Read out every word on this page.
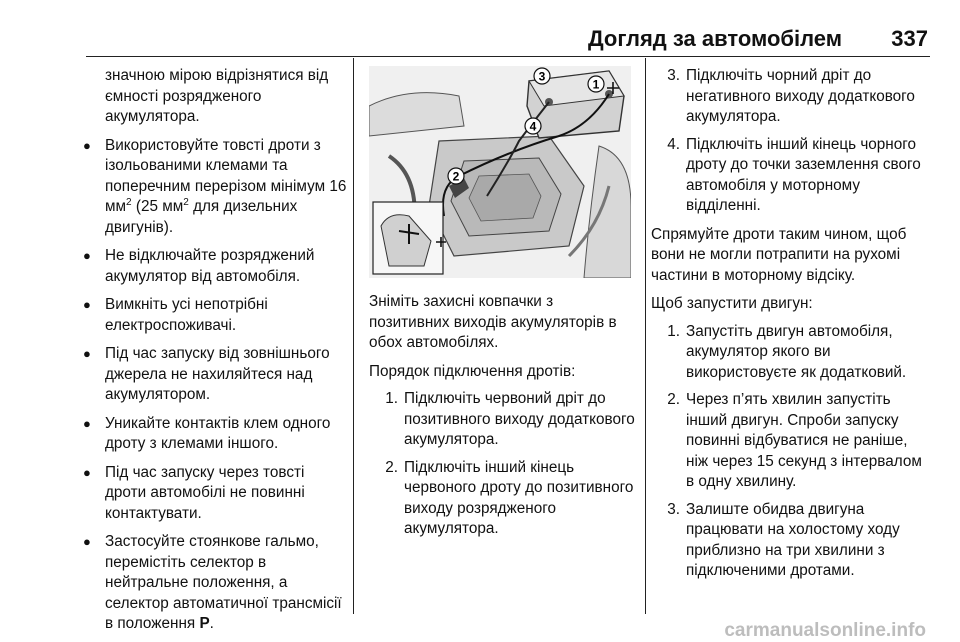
Догляд за автомобілем 337
значною мірою відрізнятися від ємності розрядженого акумулятора.
● Використовуйте товсті дроти з ізольованими клемами та поперечним перерізом мінімум 16 $мм^2$ (25 $мм^2$ для дизельних двигунів).
● Не відключайте розряджений акумулятор від автомобіля.
● Вимкніть усі непотрібні електроспоживачі.
● Під час запуску від зовнішнього джерела не нахиляйтеся над акумулятором.
● Уникайте контактів клем одного дроту з клемами іншого.
● Під час запуску через товсті дроти автомобілі не повинні контактувати.
● Застосуйте стоянкове гальмо, перемістіть селектор в нейтральне положення, а селектор автоматичної трансмісії в положення P.
1
2
3
4
Зніміть захисні ковпачки з позитивних виходів акумуляторів в обох автомобілях.
Порядок підключення дротів:
1. Підключіть червоний дріт до позитивного виходу додаткового акумулятора.
2. Підключіть інший кінець червоного дроту до позитивного виходу розрядженого акумулятора.
3. Підключіть чорний дріт до негативного виходу додаткового акумулятора.
4. Підключіть інший кінець чорного дроту до точки заземлення свого автомобіля у моторному відділенні.
Спрямуйте дроти таким чином, щоб вони не могли потрапити на рухомі частини в моторному відсіку.
Щоб запустити двигун:
1. Запустіть двигун автомобіля, акумулятор якого ви використовуєте як додатковий.
2. Через п’ять хвилин запустіть інший двигун. Спроби запуску повинні відбуватися не раніше, ніж через 15 секунд з інтервалом в одну хвилину.
3. Залиште обидва двигуна працювати на холостому ходу приблизно на три хвилини з підключеними дротами.
carmanualsonline.info
